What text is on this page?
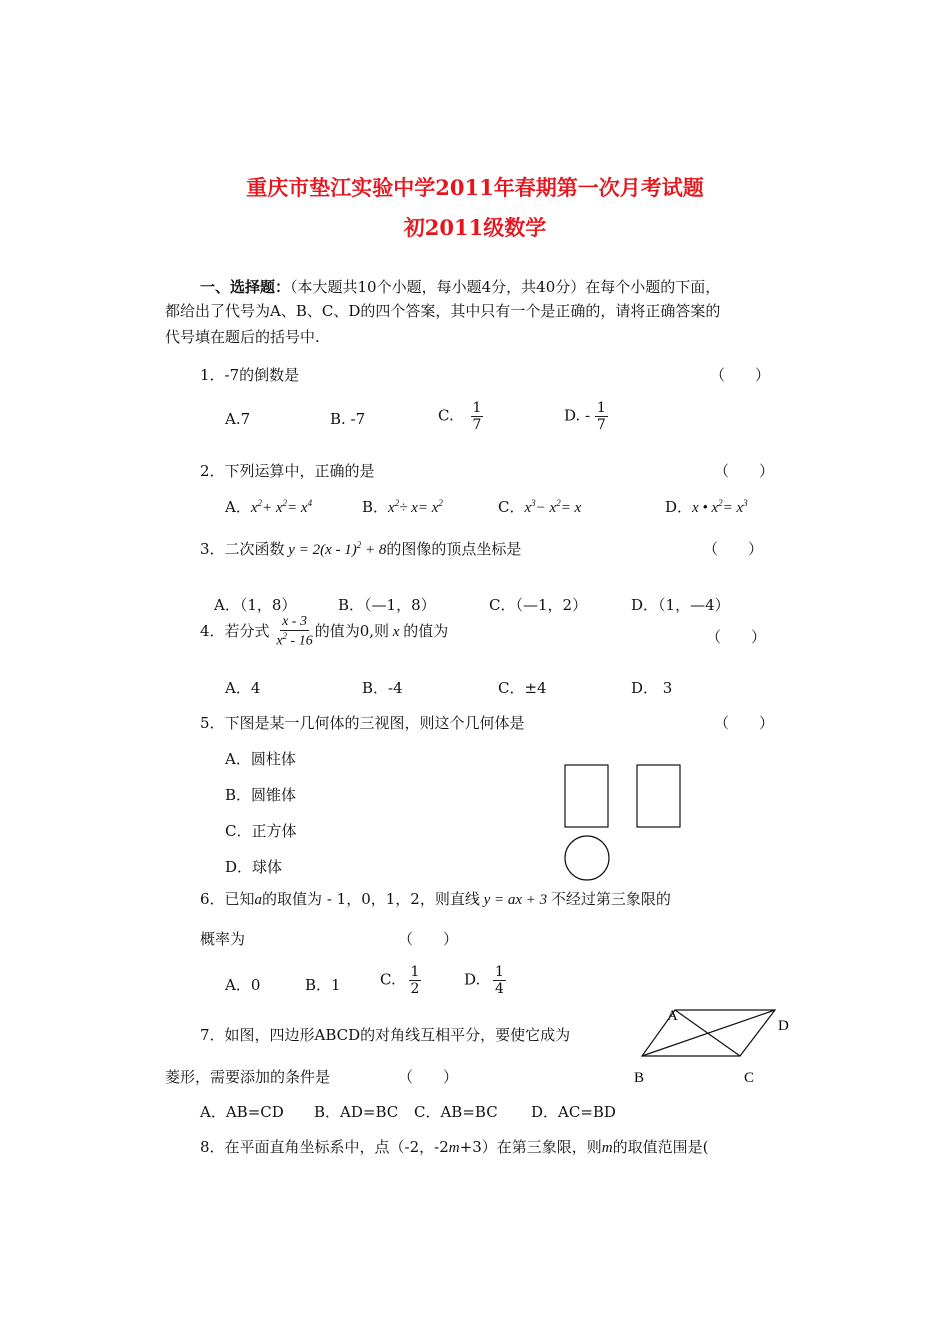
重庆市垫江实验中学2011年春期第一次月考试题
初2011级数学
一、选择题：（本大题共10个小题，每小题4分，共40分）在每个小题的下面，
都给出了代号为A、B、C、D的四个答案，其中只有一个是正确的，请将正确答案的
代号填在题后的括号中.
1．-7的倒数是	（　　）
A.7	B. -7	C. $\frac{1}{7}$	D. - $\frac{1}{7}$
2．下列运算中，正确的是	（　　）
A．$x^2+ x^2= x^4$	B．$x^2\div x= x^2$	C．$x^3- x^2= x$	D．x • $x^2= x^3$
3．二次函数 y = 2(x - 1)$^2$ + 8的图像的顶点坐标是	（　　）
A．（1，8）	B．（—1，8）	C．（—1，2）	D．（1，—4）
4．若分式 $\frac{x - 3}{x^2 - 16}$ 的值为0,则 x 的值为	（　　）
A．4	B．-4	C．±4	D． 3
5．下图是某一几何体的三视图，则这个几何体是	（　　）
A．圆柱体
B．圆锥体
C．正方体
D．球体
6．已知a的取值为 - 1，0，1，2，则直线 y = ax + 3 不经过第三象限的
概率为	（　　）
A．0	B．1	C. $\frac{1}{2}$	D. $\frac{1}{4}$
7．如图，四边形ABCD的对角线互相平分，要使它成为
菱形，需要添加的条件是	（　　）
A．AB=CD B．AD=BC C．AB=BC D．AC=BD
A
D
B	C
8．在平面直角坐标系中，点（-2，-2m+3）在第三象限，则m的取值范围是(
